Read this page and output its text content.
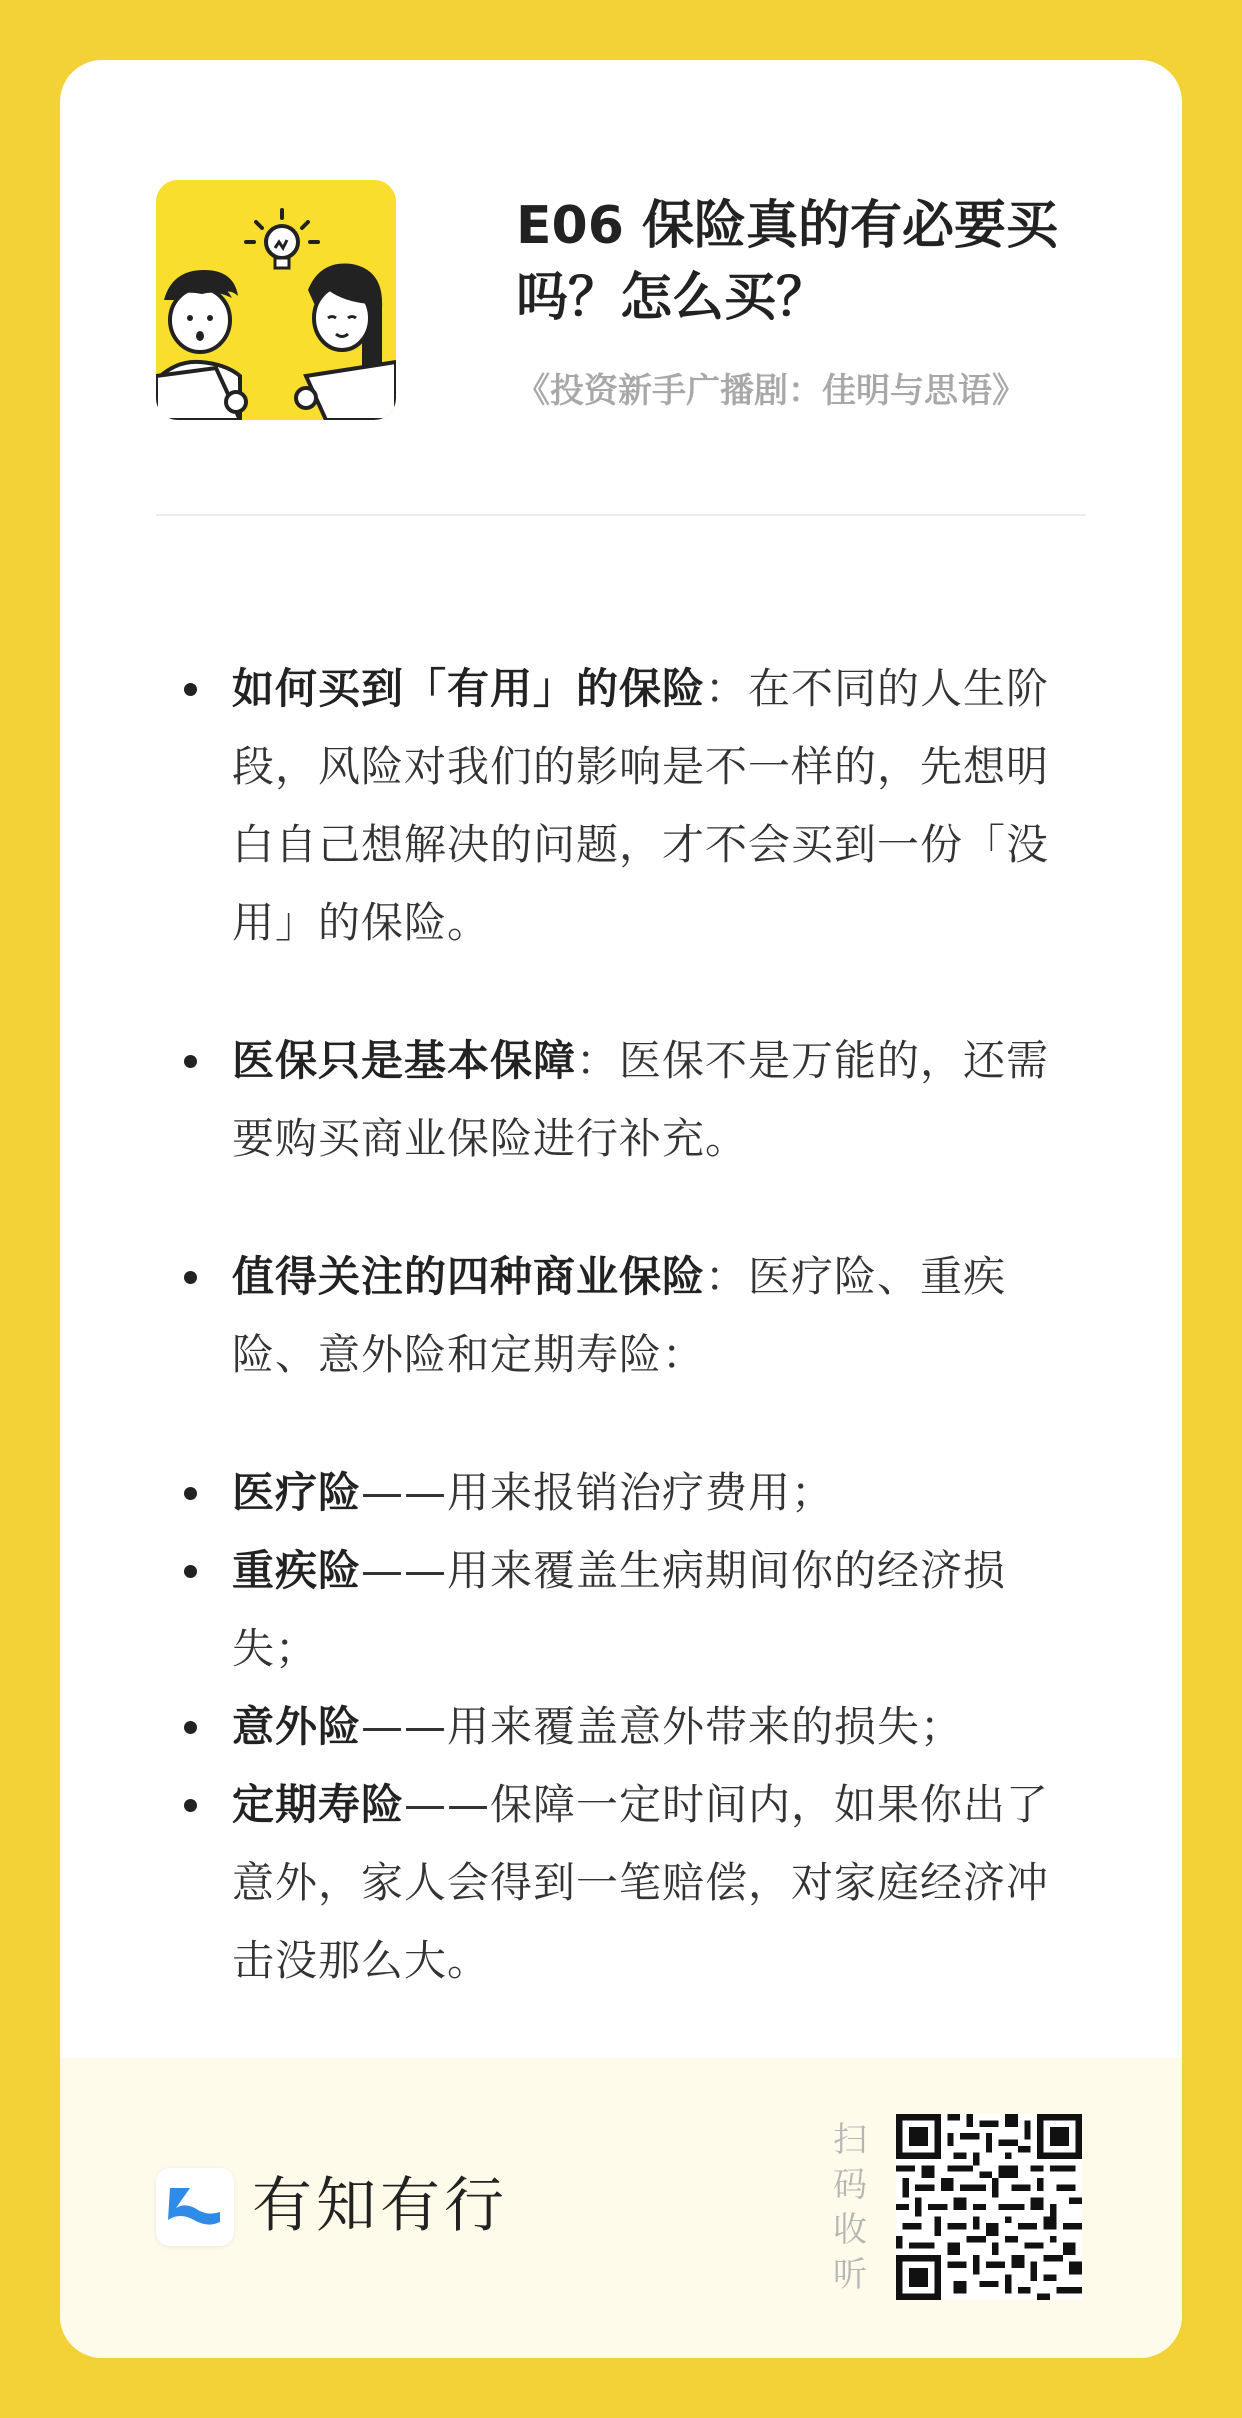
E06 保险真的有必要买吗？怎么买？
《投资新手广播剧：佳明与思语》
如何买到「有用」的保险：在不同的人生阶段，风险对我们的影响是不一样的，先想明白自己想解决的问题，才不会买到一份「没用」的保险。
医保只是基本保障：医保不是万能的，还需要购买商业保险进行补充。
值得关注的四种商业保险：医疗险、重疾险、意外险和定期寿险：
医疗险——用来报销治疗费用；
重疾险——用来覆盖生病期间你的经济损失；
意外险——用来覆盖意外带来的损失；
定期寿险——保障一定时间内，如果你出了意外，家人会得到一笔赔偿，对家庭经济冲击没那么大。
有知有行
扫
码
收
听
